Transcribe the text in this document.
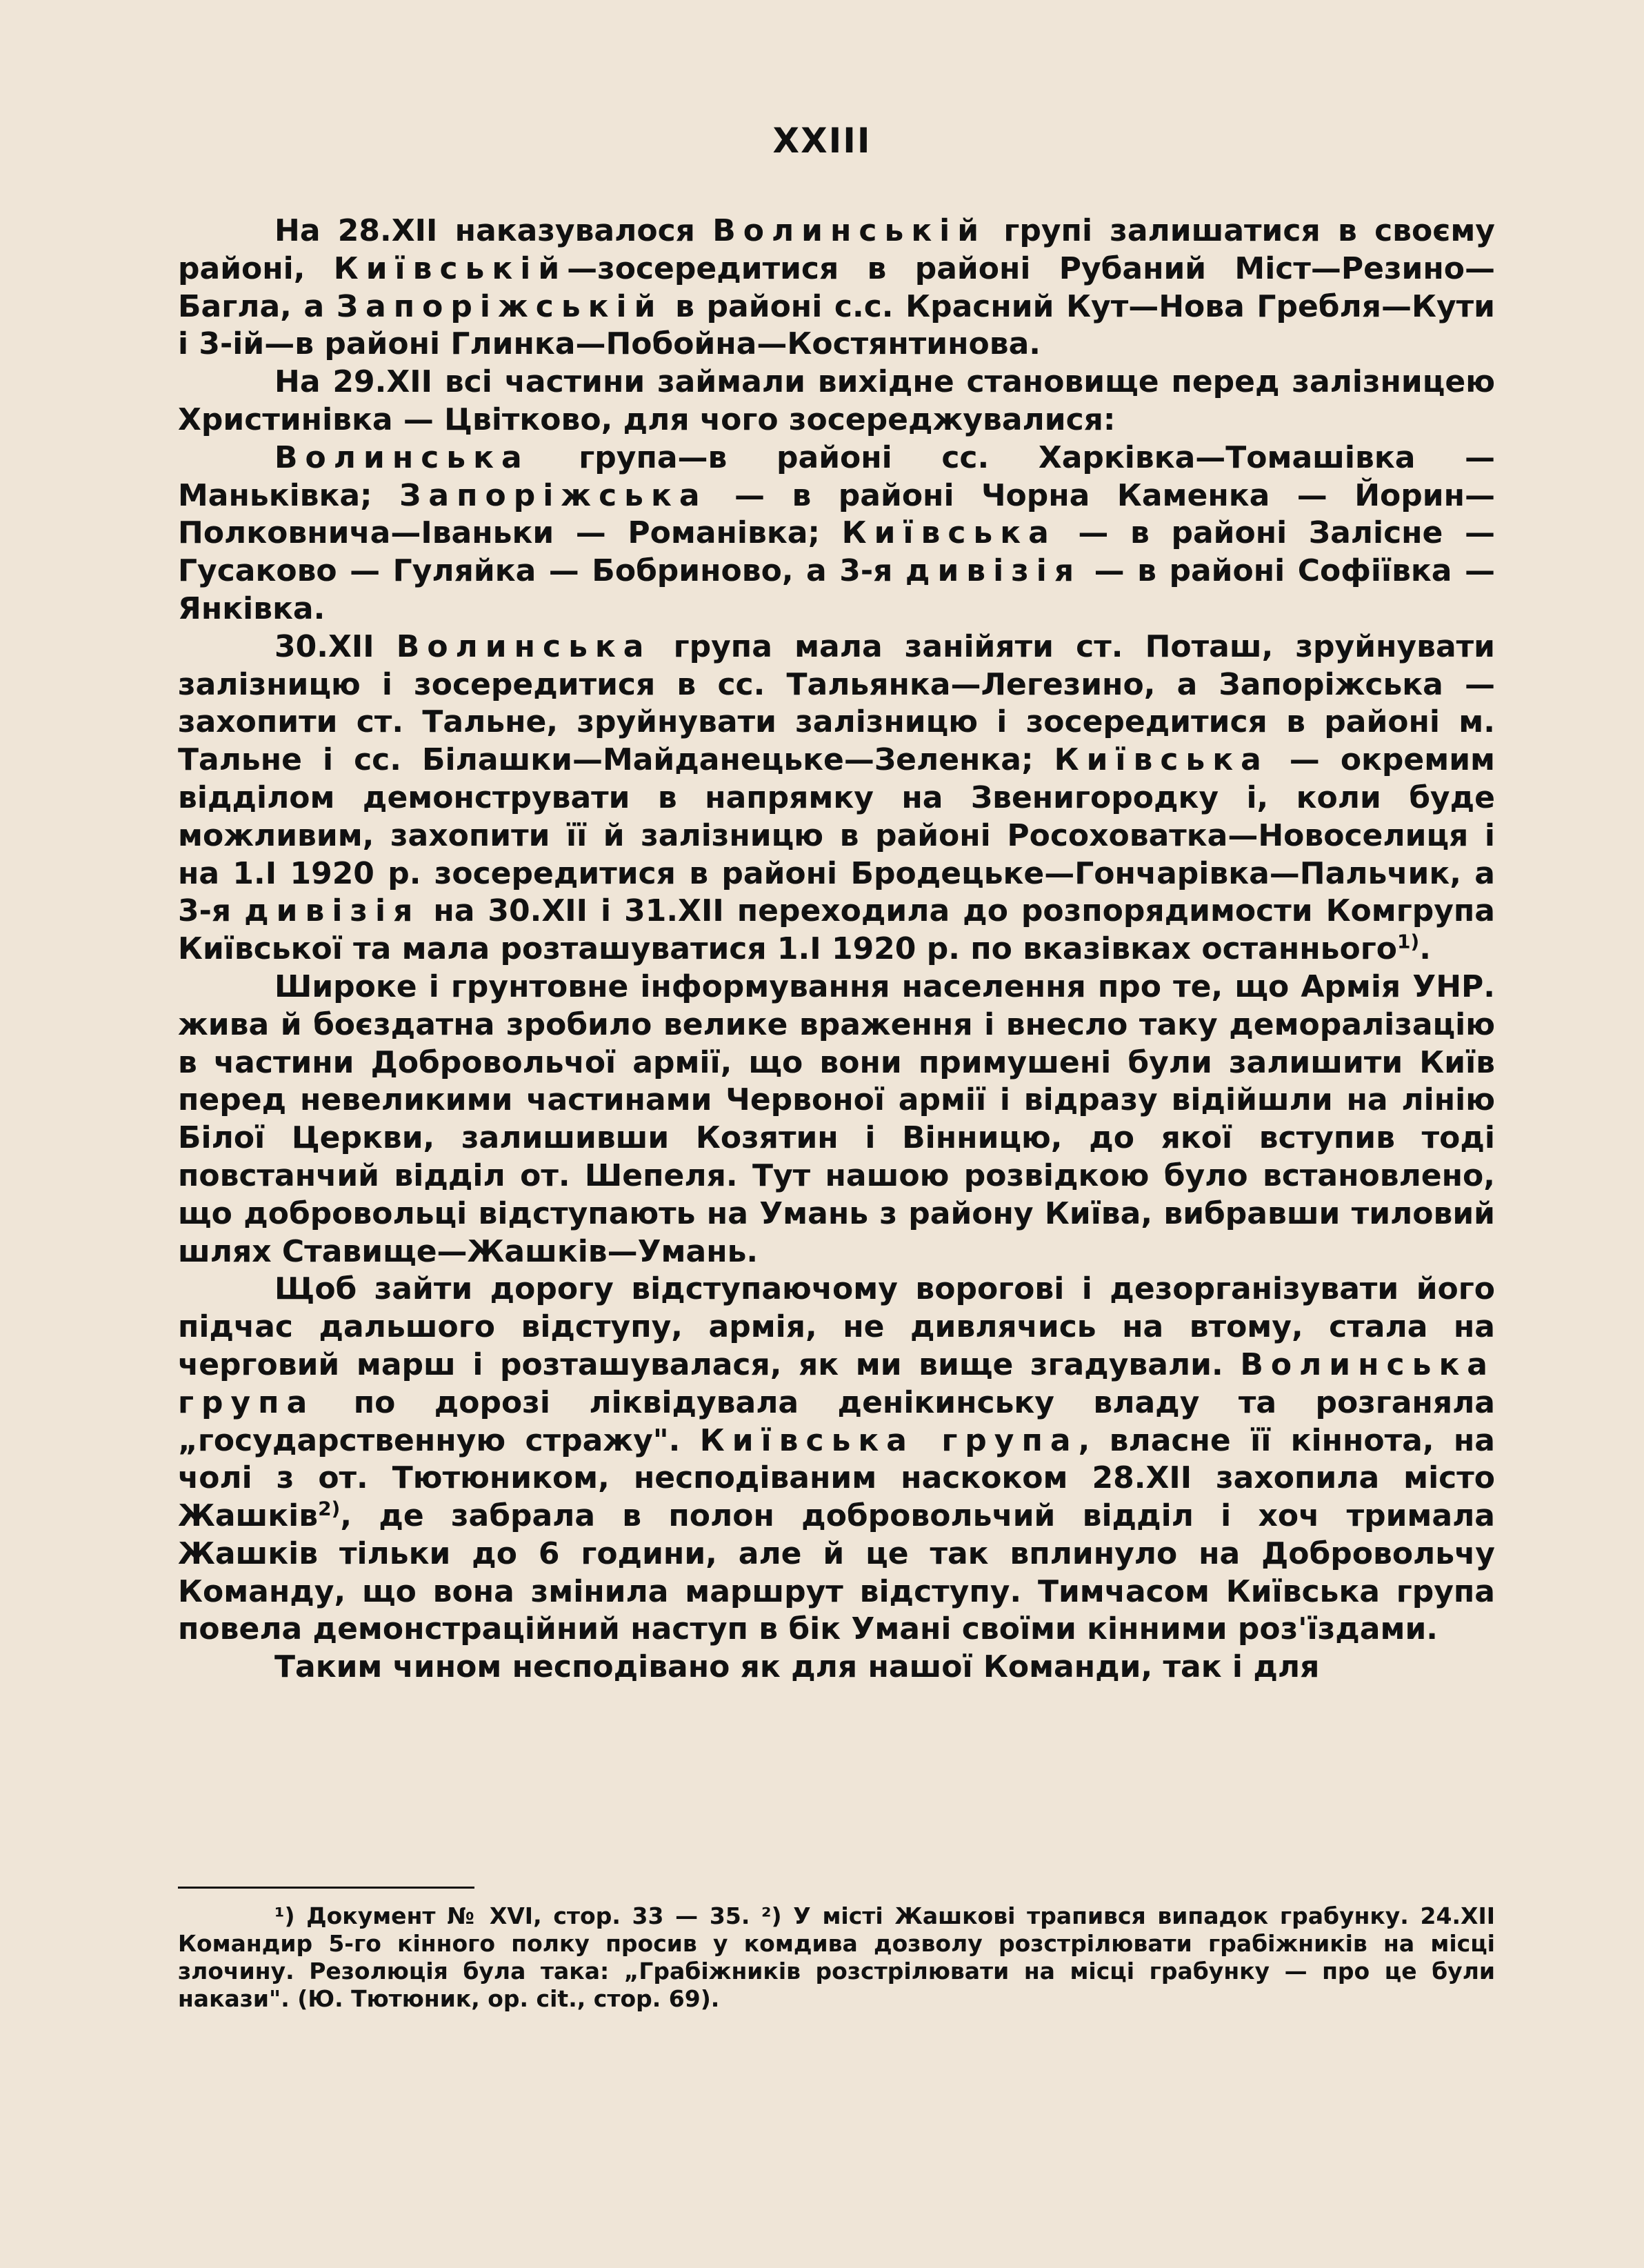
XXIII

На 28.XII наказувалося Волинській групі залишатися в своєму районі, Київській—зосередитися в районі Рубаний Міст—Резино—Багла, а Запоріжській в районі с.с. Красний Кут—Нова Гребля—Кути і 3-ій—в районі Глинка—Побойна—Костянтинова.

На 29.XII всі частини займали вихідне становище перед залізницею Христинівка — Цвітково, для чого зосереджувалися:

Волинська група—в районі сс. Харківка—Томашівка —Маньківка; Запоріжська — в районі Чорна Каменка — Йорин—Полковнича—Іваньки — Романівка; Київська — в районі Залісне — Гусаково — Гуляйка — Бобриново, а 3-я дивізія — в районі Софіївка — Янківка.

30.XII Волинська група мала занійяти ст. Поташ, зруйнувати залізницю і зосередитися в сс. Тальянка—Легезино, а Запоріжська — захопити ст. Тальне, зруйнувати залізницю і зосередитися в районі м. Тальне і сс. Білашки—Майданецьке—Зеленка; Київська — окремим відділом демонструвати в напрямку на Звенигородку і, коли буде можливим, захопити її й залізницю в районі Росоховатка—Новоселиця і на 1.I 1920 р. зосередитися в районі Бродецьке—Гончарівка—Пальчик, а 3-я дивізія на 30.XII і 31.XII переходила до розпорядимости Комгрупа Київської та мала розташуватися 1.I 1920 р. по вказівках останнього$^{1)}$.

Широке і грунтовне інформування населення про те, що Армія УНР. жива й боєздатна зробило велике враження і внесло таку деморалізацію в частини Добровольчої армії, що вони примушені були залишити Київ перед невеликими частинами Червоної армії і відразу відійшли на лінію Білої Церкви, залишивши Козятин і Вінницю, до якої вступив тоді повстанчий відділ от. Шепеля. Тут нашою розвідкою було встановлено, що добровольці відступають на Умань з району Київа, вибравши тиловий шлях Ставище—Жашків—Умань.

Щоб зайти дорогу відступаючому ворогові і дезорганізувати його підчас дальшого відступу, армія, не дивлячись на втому, стала на черговий марш і розташувалася, як ми вище згадували. Волинська група по дорозі ліквідувала денікинську владу та розганяла „государственную стражу". Київська група, власне її кіннота, на чолі з от. Тютюником, несподіваним наскоком 28.XII захопила місто Жашків$^{2)}$, де забрала в полон добровольчий відділ і хоч тримала Жашків тільки до 6 години, але й це так вплинуло на Добровольчу Команду, що вона змінила маршрут відступу. Тимчасом Київська група повела демонстраційний наступ в бік Умані своїми кінними роз'їздами.

Таким чином несподівано як для нашої Команди, так і для

¹) Документ № XVI, стор. 33 — 35. ²) У місті Жашкові трапився випадок грабунку. 24.XII Командир 5-го кінного полку просив у комдива дозволу розстрілювати грабіжників на місці злочину. Резолюція була така: „Грабіжників розстрілювати на місці грабунку — про це були накази". (Ю. Тютюник, op. cit., стор. 69).
